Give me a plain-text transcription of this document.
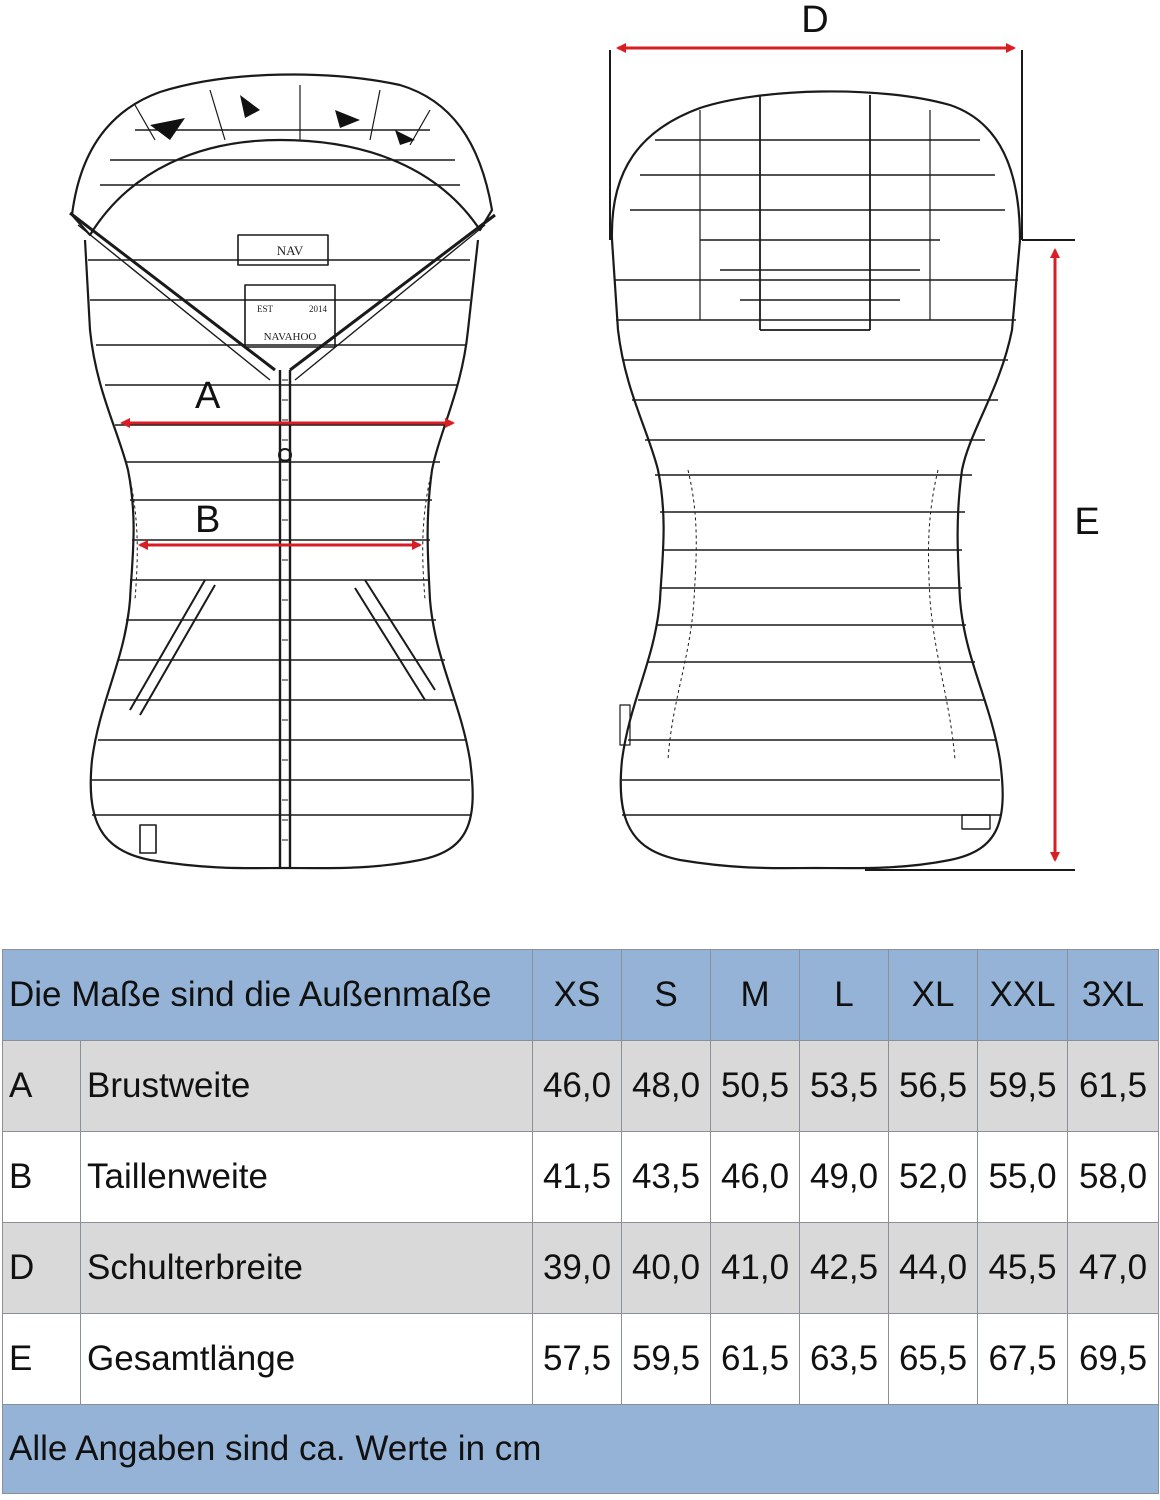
NAV
EST	2014
NAVAHOO
A
B
D
E
Die Maße sind die Außenmaße		XS	S	M	L	XL	XXL	3XL
A	Brustweite	46,0	48,0	50,5	53,5	56,5	59,5	61,5
B	Taillenweite	41,5	43,5	46,0	49,0	52,0	55,0	58,0
D	Schulterbreite	39,0	40,0	41,0	42,5	44,0	45,5	47,0
E	Gesamtlänge	57,5	59,5	61,5	63,5	65,5	67,5	69,5
Alle Angaben sind ca. Werte in cm								
